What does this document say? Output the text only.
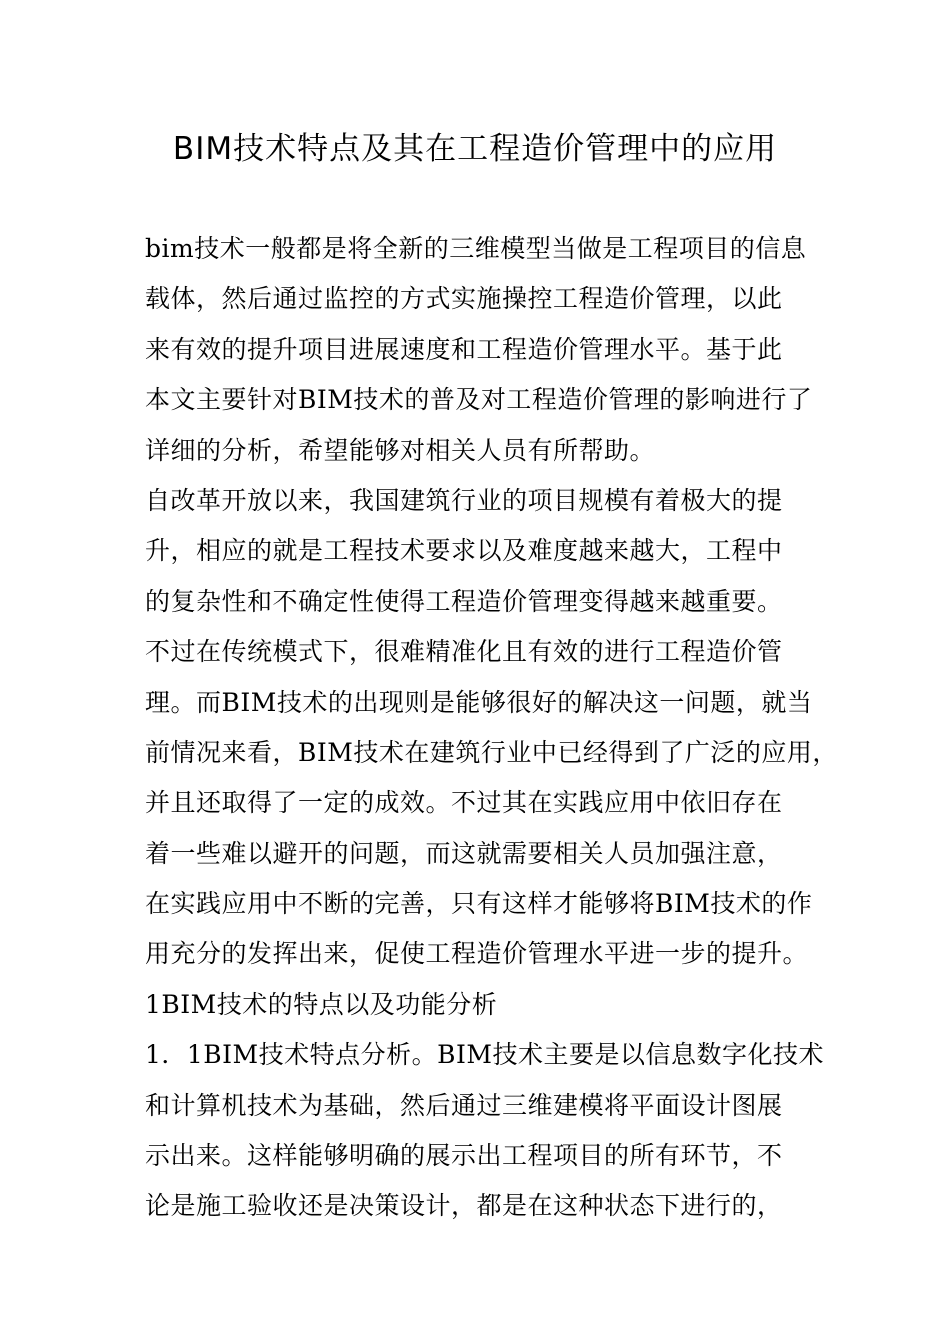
BIM技术特点及其在工程造价管理中的应用
bim技术一般都是将全新的三维模型当做是工程项目的信息
载体，然后通过监控的方式实施操控工程造价管理，以此
来有效的提升项目进展速度和工程造价管理水平。基于此
本文主要针对BIM技术的普及对工程造价管理的影响进行了
详细的分析，希望能够对相关人员有所帮助。
自改革开放以来，我国建筑行业的项目规模有着极大的提
升，相应的就是工程技术要求以及难度越来越大，工程中
的复杂性和不确定性使得工程造价管理变得越来越重要。
不过在传统模式下，很难精准化且有效的进行工程造价管
理。而BIM技术的出现则是能够很好的解决这一问题，就当
前情况来看，BIM技术在建筑行业中已经得到了广泛的应用，
并且还取得了一定的成效。不过其在实践应用中依旧存在
着一些难以避开的问题，而这就需要相关人员加强注意，
在实践应用中不断的完善，只有这样才能够将BIM技术的作
用充分的发挥出来，促使工程造价管理水平进一步的提升。
1BIM技术的特点以及功能分析
1．1BIM技术特点分析。BIM技术主要是以信息数字化技术
和计算机技术为基础，然后通过三维建模将平面设计图展
示出来。这样能够明确的展示出工程项目的所有环节，不
论是施工验收还是决策设计，都是在这种状态下进行的，
